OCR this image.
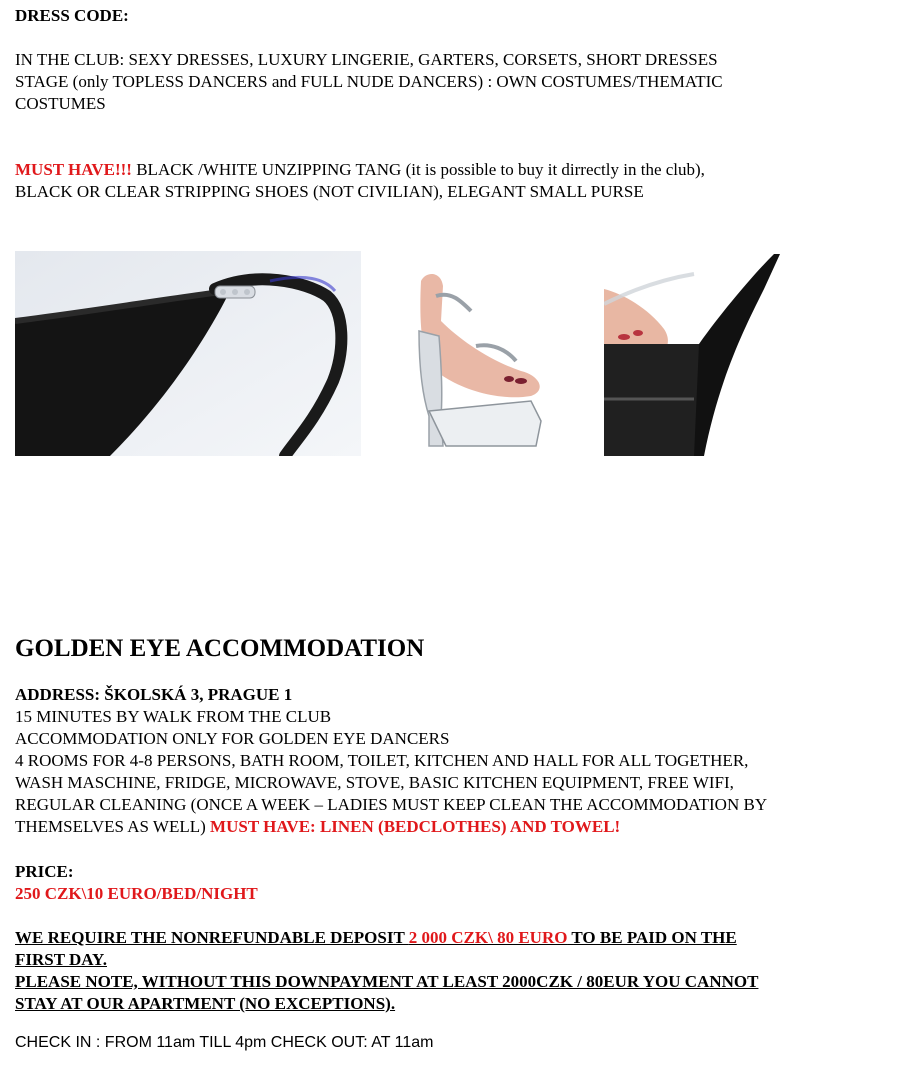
DRESS CODE:
IN THE CLUB: SEXY DRESSES, LUXURY LINGERIE, GARTERS, CORSETS, SHORT DRESSES
STAGE (only TOPLESS DANCERS and FULL NUDE DANCERS) : OWN COSTUMES/THEMATIC
COSTUMES
MUST HAVE!!! BLACK /WHITE UNZIPPING TANG (it is possible to buy it dirrectly in the club),
BLACK OR CLEAR STRIPPING SHOES (NOT CIVILIAN), ELEGANT SMALL PURSE
GOLDEN EYE ACCOMMODATION
ADDRESS: ŠKOLSKÁ 3, PRAGUE 1
15 MINUTES BY WALK FROM THE CLUB
ACCOMMODATION ONLY FOR GOLDEN EYE DANCERS
4 ROOMS FOR 4-8 PERSONS, BATH ROOM, TOILET, KITCHEN AND HALL FOR ALL TOGETHER,
WASH MASCHINE, FRIDGE, MICROWAVE, STOVE, BASIC KITCHEN EQUIPMENT, FREE WIFI,
REGULAR CLEANING (ONCE A WEEK – LADIES MUST KEEP CLEAN THE ACCOMMODATION BY
THEMSELVES AS WELL) MUST HAVE: LINEN (BEDCLOTHES) AND TOWEL!
PRICE:
250 CZK\10 EURO/BED/NIGHT
WE REQUIRE THE NONREFUNDABLE DEPOSIT 2 000 CZK\ 80 EURO TO BE PAID ON THE
FIRST DAY.
PLEASE NOTE, WITHOUT THIS DOWNPAYMENT AT LEAST 2000CZK / 80EUR YOU CANNOT
STAY AT OUR APARTMENT (NO EXCEPTIONS).
CHECK IN : FROM 11am TILL 4pm CHECK OUT: AT 11am
